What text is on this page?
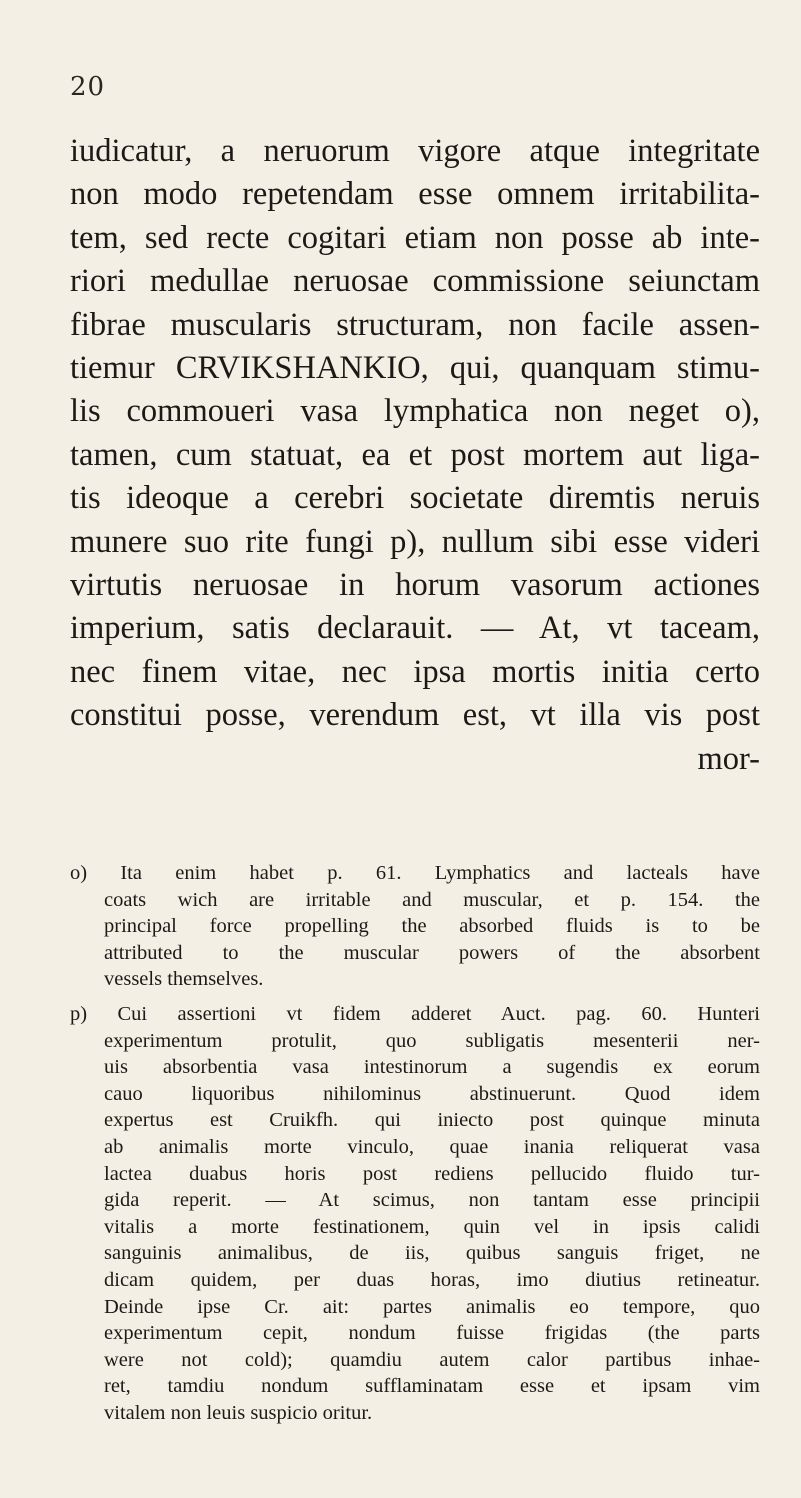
20
iudicatur, a neruorum vigore atque integritate
non modo repetendam esse omnem irritabilita-
tem, sed recte cogitari etiam non posse ab inte-
riori medullae neruosae commissione seiunctam
fibrae muscularis structuram, non facile assen-
tiemur CRVIKSHANKIO, qui, quanquam stimu-
lis commoueri vasa lymphatica non neget o),
tamen, cum statuat, ea et post mortem aut liga-
tis ideoque a cerebri societate diremtis neruis
munere suo rite fungi p), nullum sibi esse videri
virtutis neruosae in horum vasorum actiones
imperium, satis declarauit. — At, vt taceam,
nec finem vitae, nec ipsa mortis initia certo
constitui posse, verendum est, vt illa vis post
mor-
o) Ita enim habet p. 61. Lymphatics and lacteals have
coats wich are irritable and muscular, et p. 154. the
principal force propelling the absorbed fluids is to be
attributed to the muscular powers of the absorbent
vessels themselves.
p) Cui assertioni vt fidem adderet Auct. pag. 60. Hunteri
experimentum protulit, quo subligatis mesenterii ner-
uis absorbentia vasa intestinorum a sugendis ex eorum
cauo liquoribus nihilominus abstinuerunt. Quod idem
expertus est Cruikfh. qui iniecto post quinque minuta
ab animalis morte vinculo, quae inania reliquerat vasa
lactea duabus horis post rediens pellucido fluido tur-
gida reperit. — At scimus, non tantam esse principii
vitalis a morte festinationem, quin vel in ipsis calidi
sanguinis animalibus, de iis, quibus sanguis friget, ne
dicam quidem, per duas horas, imo diutius retineatur.
Deinde ipse Cr. ait: partes animalis eo tempore, quo
experimentum cepit, nondum fuisse frigidas (the parts
were not cold); quamdiu autem calor partibus inhae-
ret, tamdiu nondum sufflaminatam esse et ipsam vim
vitalem non leuis suspicio oritur.
